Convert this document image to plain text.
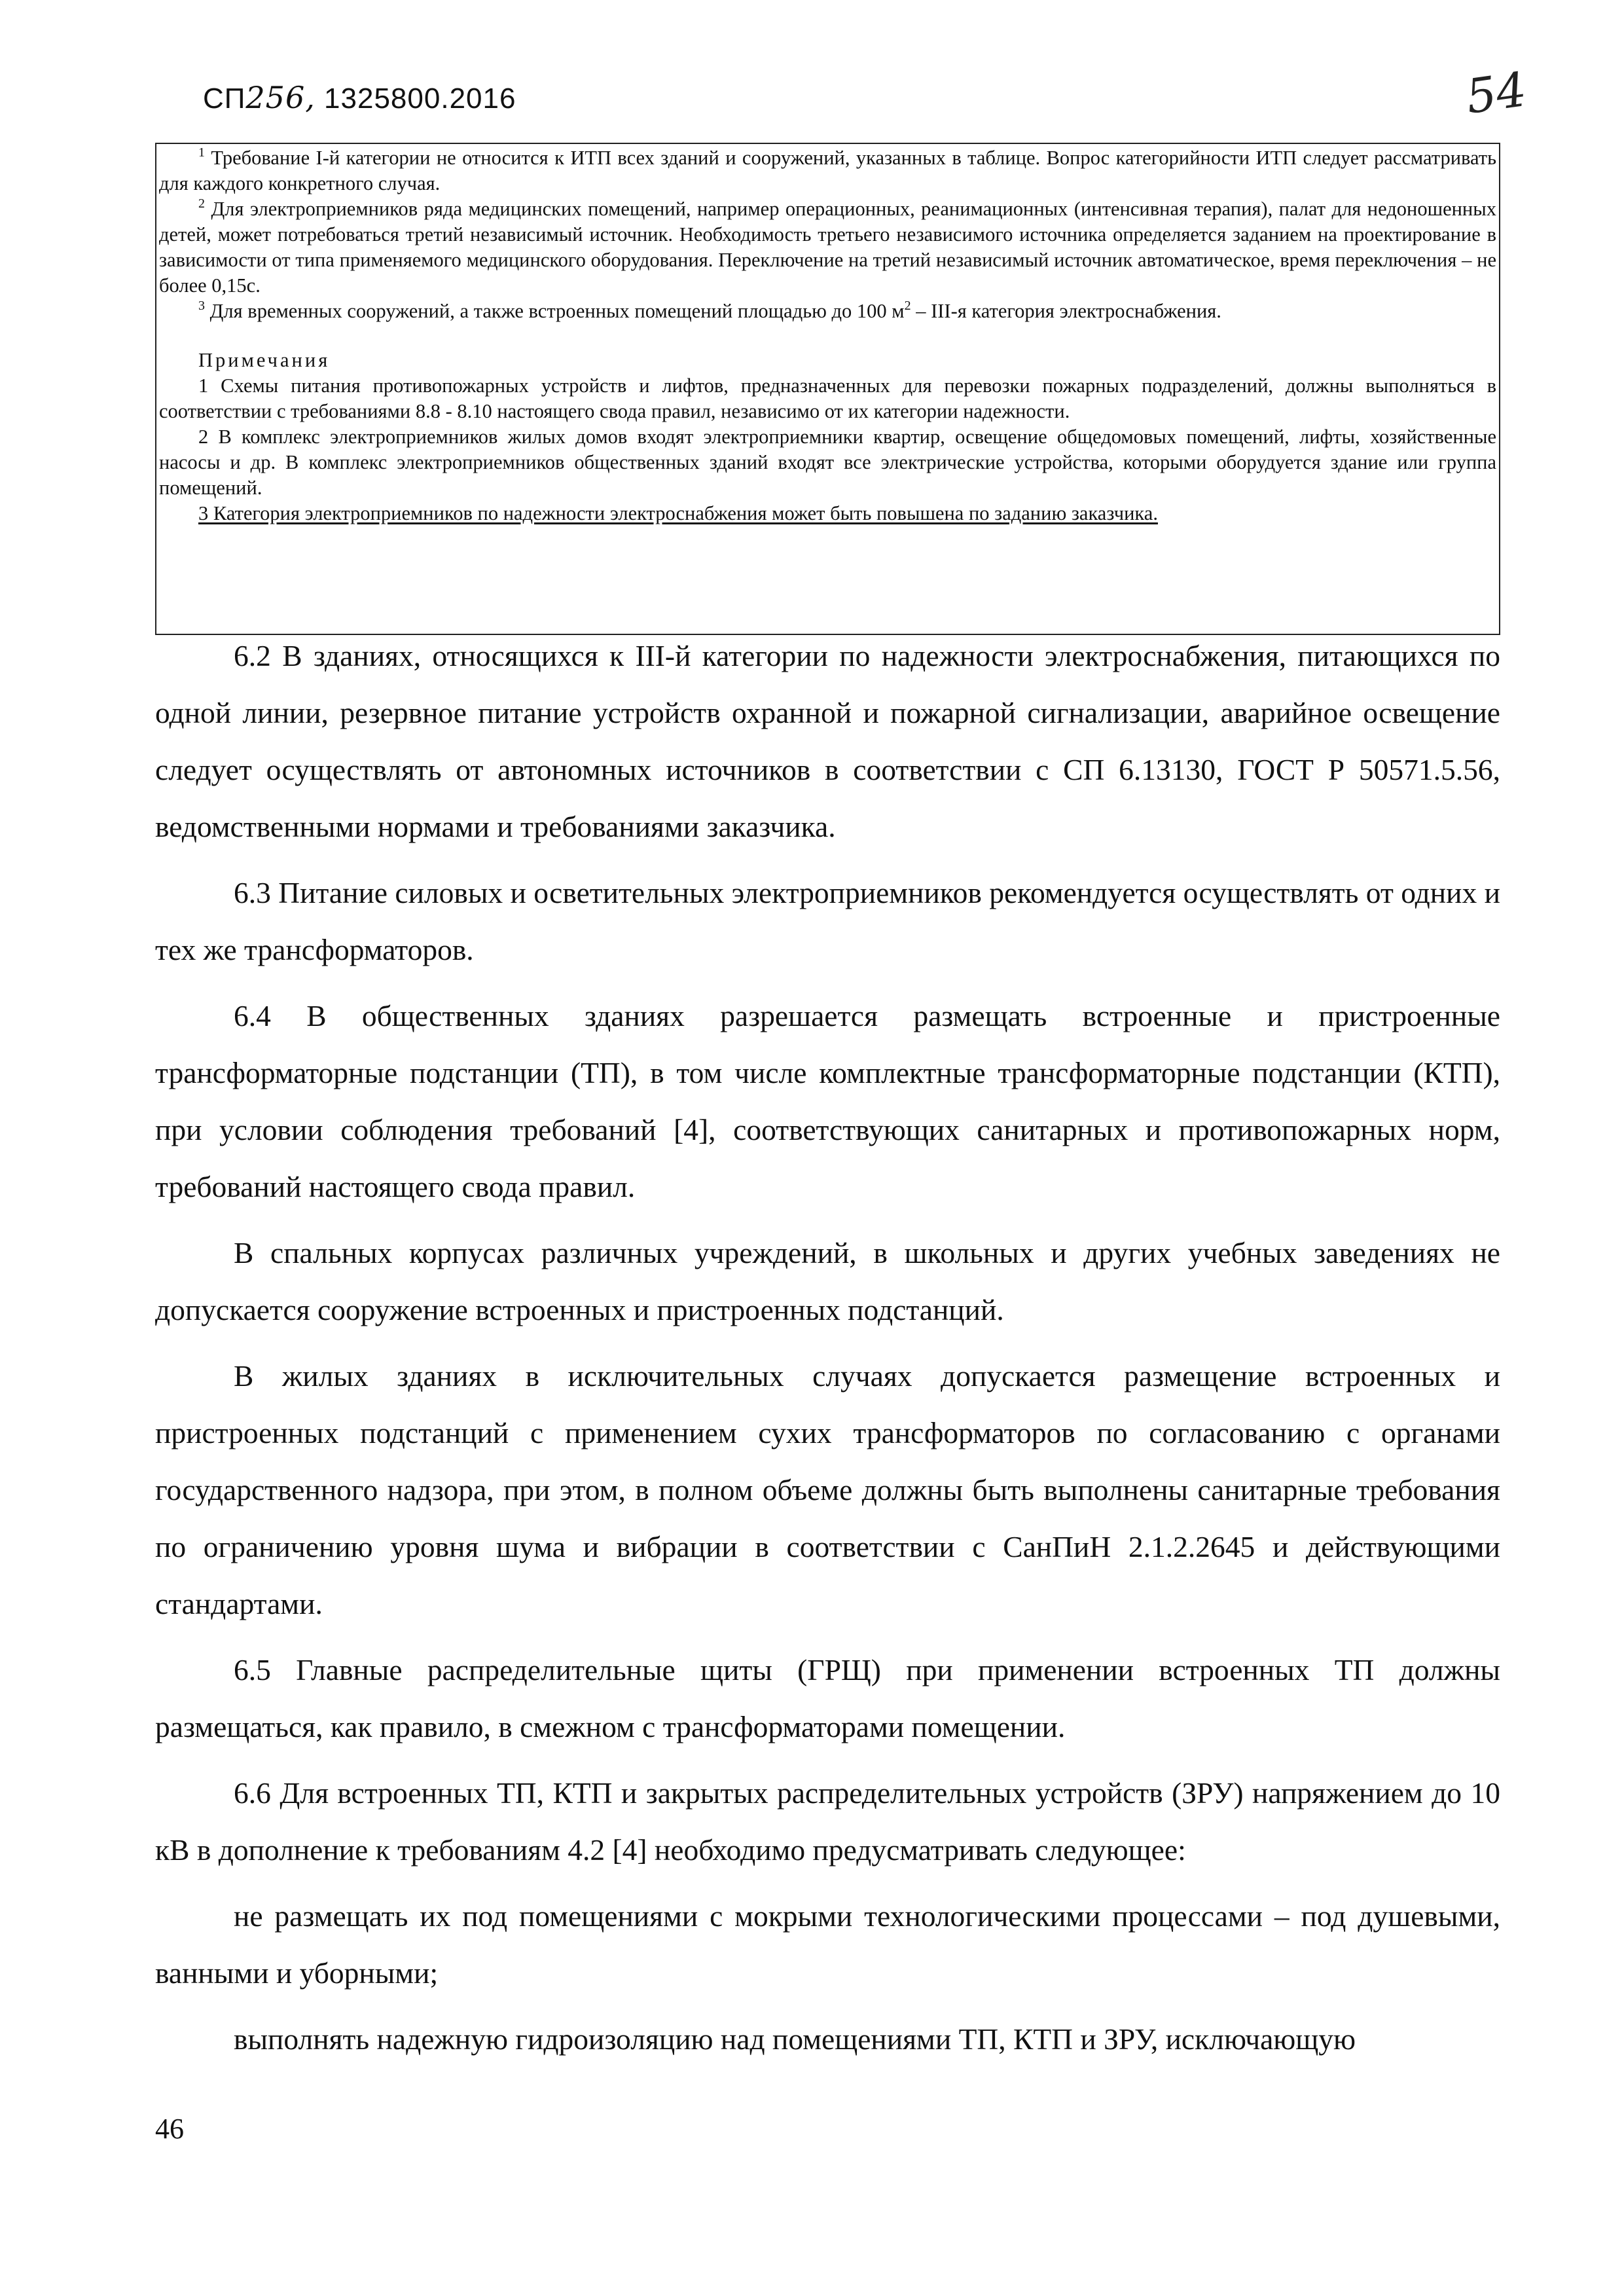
СП256, 1325800.2016	54

$^1$ Требование I-й категории не относится к ИТП всех зданий и сооружений, указанных в таблице. Вопрос категорийности ИТП следует рассматривать для каждого конкретного случая.

$^2$ Для электроприемников ряда медицинских помещений, например операционных, реанимационных (интенсивная терапия), палат для недоношенных детей, может потребоваться третий независимый источник. Необходимость третьего независимого источника определяется заданием на проектирование в зависимости от типа применяемого медицинского оборудования. Переключение на третий независимый источник автоматическое, время переключения – не более 0,15с.

$^3$ Для временных сооружений, а также встроенных помещений площадью до 100 $м^2 - III-я$ категория электроснабжения.

Примечания

1 Схемы питания противопожарных устройств и лифтов, предназначенных для перевозки пожарных подразделений, должны выполняться в соответствии с требованиями 8.8 - 8.10 настоящего свода правил, независимо от их категории надежности.

2 В комплекс электроприемников жилых домов входят электроприемники квартир, освещение общедомовых помещений, лифты, хозяйственные насосы и др. В комплекс электроприемников общественных зданий входят все электрические устройства, которыми оборудуется здание или группа помещений.

3 Категория электроприемников по надежности электроснабжения может быть повышена по заданию заказчика.

6.2 В зданиях, относящихся к III-й категории по надежности электроснабжения, питающихся по одной линии, резервное питание устройств охранной и пожарной сигнализации, аварийное освещение следует осуществлять от автономных источников в соответствии с СП 6.13130, ГОСТ Р 50571.5.56, ведомственными нормами и требованиями заказчика.

6.3 Питание силовых и осветительных электроприемников рекомендуется осуществлять от одних и тех же трансформаторов.

6.4 В общественных зданиях разрешается размещать встроенные и пристроенные трансформаторные подстанции (ТП), в том числе комплектные трансформаторные подстанции (КТП), при условии соблюдения требований [4], соответствующих санитарных и противопожарных норм, требований настоящего свода правил.

В спальных корпусах различных учреждений, в школьных и других учебных заведениях не допускается сооружение встроенных и пристроенных подстанций.

В жилых зданиях в исключительных случаях допускается размещение встроенных и пристроенных подстанций с применением сухих трансформаторов по согласованию с органами государственного надзора, при этом, в полном объеме должны быть выполнены санитарные требования по ограничению уровня шума и вибрации в соответствии с СанПиН 2.1.2.2645 и действующими стандартами.

6.5 Главные распределительные щиты (ГРЩ) при применении встроенных ТП должны размещаться, как правило, в смежном с трансформаторами помещении.

6.6 Для встроенных ТП, КТП и закрытых распределительных устройств (ЗРУ) напряжением до 10 кВ в дополнение к требованиям 4.2 [4] необходимо предусматривать следующее:

не размещать их под помещениями с мокрыми технологическими процессами – под душевыми, ванными и уборными;

выполнять надежную гидроизоляцию над помещениями ТП, КТП и ЗРУ, исключающую

46
